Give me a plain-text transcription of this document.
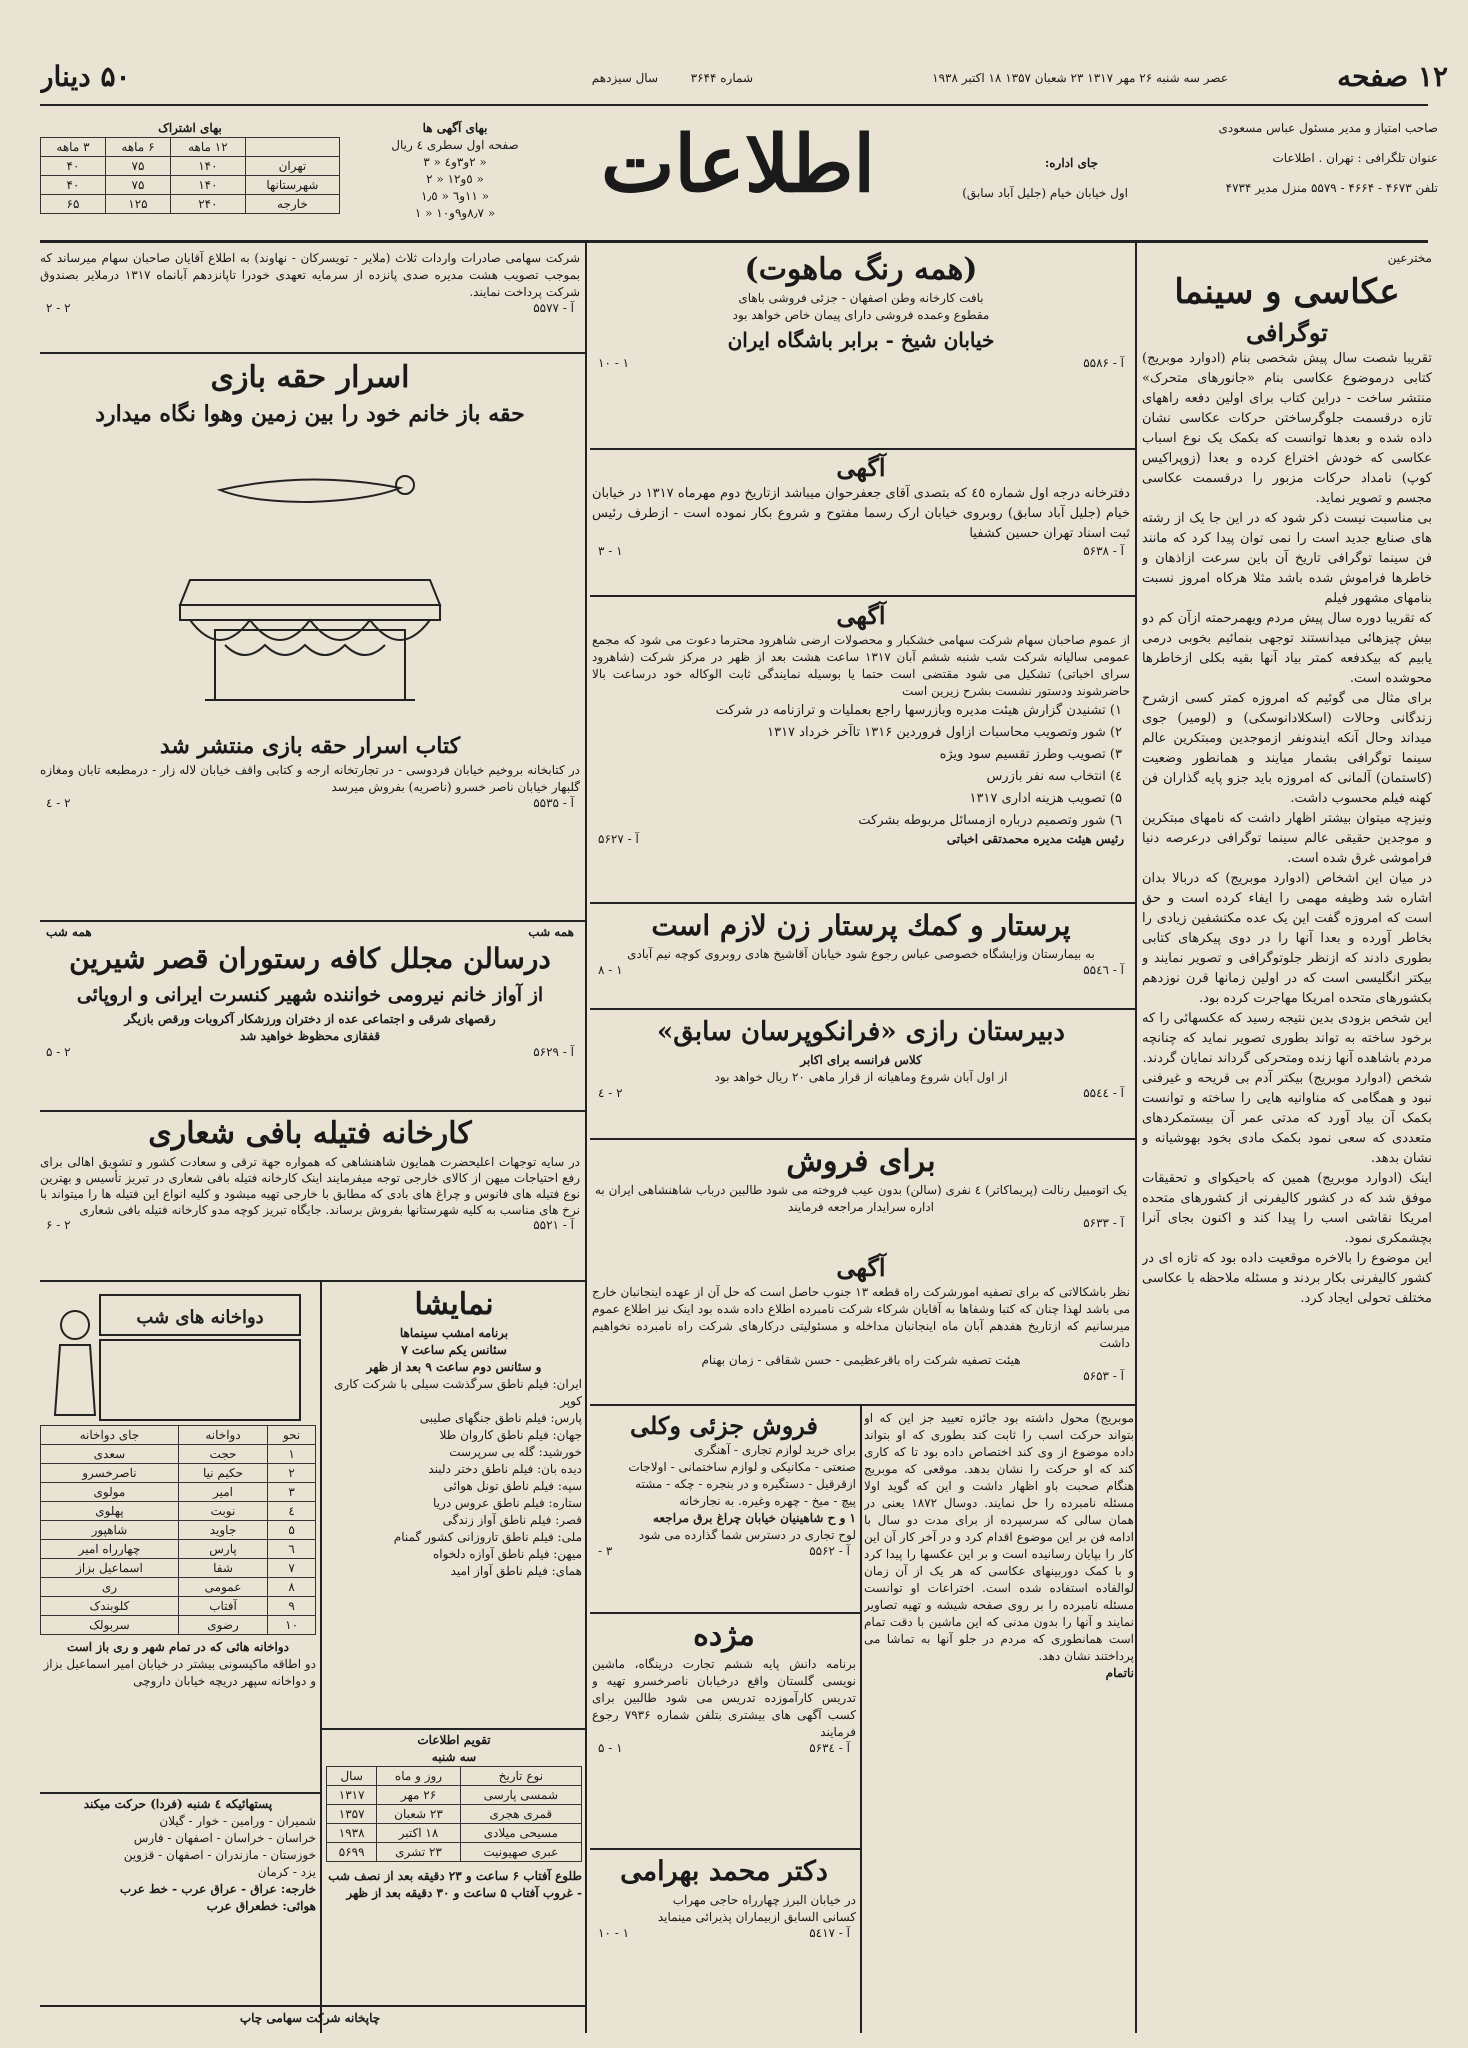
۱۲ صفحه
سال سیزدهم	شماره ۳۶۴۴	عصر سه شنبه ۲۶ مهر ۱۳۱۷ ۲۳ شعبان ۱۳۵۷ ۱۸ اکتبر ۱۹۳۸
۵۰ دینار
صاحب امتیاز و مدیر مسئول عباس مسعودی
عنوان تلگرافی : تهران . اطلاعات
تلفن ۴۶۷۳ - ۴۶۶۴ - ۵۵۷۹ منزل مدیر ۴۷۳۴
اطلاعات	جای اداره:
اول خیابان خیام (جلیل آباد سابق)
بهای آگهی ها
صفحه اول سطری ٤ ریال
« ۲و۳و٤ « ۳
« ٥و١٢ « ٢
« ١١و٦ « ١٫٥
« ٨٫٧و٩و١٠ « ١
بهای اشتراک
	۱۲ ماهه	۶ ماهه	۳ ماهه
تهران	۱۴۰	۷۵	۴۰
شهرستانها	۱۴۰	۷۵	۴۰
خارجه	۲۴۰	۱۲۵	۶۵
مخترعین
عکاسی و سینما
توگرافی

تقریبا شصت سال پیش شخصی بنام (ادوارد موبریج) کتابی درموضوع عکاسی بنام «جانورهای متحرک» منتشر ساخت - دراین کتاب برای اولین دفعه راههای تازه درقسمت جلوگرساختن حرکات عکاسی نشان داده شده و بعدها توانست که بکمک یک نوع اسباب عکاسی که خودش اختراع کرده و بعدا (زوپراکیس کوپ) نامداد حرکات مزبور را درقسمت عکاسی مجسم و تصویر نماید.

بی مناسبت نیست ذکر شود که در این جا یک از رشته های صنایع جدید است را نمی توان پیدا کرد که مانند فن سینما توگرافی تاریخ آن باین سرعت ازاذهان و خاطرها فراموش شده باشد مثلا هرکاه امروز نسبت بنامهای مشهور فیلم

که تقریبا دوره سال پیش مردم ویهمرحمته ازآن کم دو بیش چیزهائی میدانستند توجهی بنمائیم بخوبی درمی یابیم که بیکدفعه کمتر بیاد آنها بقیه بکلی ازخاطرها محوشده است.

برای مثال می گوئیم که امروزه کمتر کسی ازشرح زندگانی وحالات (اسکلادانوسکی) و (لومیر) جوی میداند وحال آنکه ایندونفر ازموجدین ومبتکرین عالم سینما توگرافی بشمار میایند و همانطور وضعیت (کاستمان) آلمانی که امروزه باید جزو پایه گذاران فن کهنه فیلم محسوب داشت.

ونیزچه میتوان بیشتر اظهار داشت که نامهای مبتکرین و موجدین حقیقی عالم سینما توگرافی درعرصه دنیا فراموشی غرق شده است.

در میان این اشخاص (ادوارد موبریج) که دربالا بدان اشاره شد وظیفه مهمی را ایفاء کرده است و حق است که امروزه گفت این یک عده مکتشفین زیادی را بخاطر آورده و بعدا آنها را در دوی پیکرهای کتابی بطوری دادند که ازنظر جلوتوگرافی و تصویر نمایند و بیکتر انگلیسی است که در اولین زمانها قرن نوزدهم بکشورهای متحده امریکا مهاجرت کرده بود.

این شخص بزودی بدین نتیجه رسید که عکسهائی را که برخود ساخته به تواند بطوری تصویر نماید که چنانچه مردم باشاهده آنها زنده ومتحرکی گرداند نمایان گردند.

شخص (ادوارد موبریج) بیکتر آدم بی قریحه و غیرفنی نبود و همگامی که مناوانیه هایی را ساخته و توانست بکمک آن بیاد آورد که مدتی عمر آن بیستمکردهای متعددی که سعی نمود بکمک مادی بخود بهوشیانه و نشان بدهد.

اینک (ادوارد موبریج) همین که باحیکوای و تحقیقات موفق شد که در کشور کالیفرنی از کشورهای متحده امریکا نقاشی اسب را پیدا کند و اکنون بجای آنرا بچشمکری نمود.

این موضوع را بالاخره موقعیت داده بود که تازه ای در کشور کالیفرنی بکار بردند و مسئله ملاحظه با عکاسی مختلف تحولی ایجاد کرد.

(همه رنگ ماهوت)
بافت کارخانه وطن اصفهان - جزئی فروشی باهای
مقطوع وعمده فروشی دارای پیمان خاص خواهد بود
خیابان شیخ - برابر باشگاه ایران
آ - ۵۵۸۶
۱ - ۱۰
آگهی

دفترخانه درجه اول شماره ٤٥ که بتصدی آقای جعفرحوان میباشد ازتاریخ دوم مهرماه ۱۳۱۷ در خیابان خیام (جلیل آباد سابق) روبروی خیابان ارک رسما مفتوح و شروع بکار نموده است - ازطرف رئیس ثبت اسناد تهران حسین کشفیا

آ - ۵۶۳۸
۱ - ۳
آگهی

از عموم صاحبان سهام شرکت سهامی خشکبار و محصولات ارضی شاهرود محترما دعوت می شود که مجمع عمومی سالیانه شرکت شب شنبه ششم آبان ۱۳۱۷ ساعت هشت بعد از ظهر در مرکز شرکت (شاهرود سرای اخباتی) تشکیل می شود مقتضی است حتما یا بوسیله نمایندگی ثابت الوکاله خود درساعت بالا حاضرشوند ودستور نشست بشرح زیرین است

۱) تشنیدن گزارش هیئت مدیره وبازرسها راجع بعملیات و ترازنامه در شرکت
۲) شور وتصویب محاسبات ازاول فروردین ۱۳۱۶ تاآخر خرداد ۱۳۱۷
۳) تصویب وطرز تقسیم سود ویژه
٤) انتخاب سه نفر بازرس
۵) تصویب هزینه اداری ۱۳۱۷
٦) شور وتصمیم درباره ازمسائل مربوطه بشرکت
رئیس هیئت مدیره محمدتقی اخباتی
آ - ۵۶۲۷
پرستار و کمك پرستار زن لازم است
به بیمارستان وزایشگاه خصوصی عباس رجوع شود خیابان آقاشیخ هادی روبروی کوچه نیم آبادی
آ - ۵۵٤٦
۱ - ۸
دبیرستان رازی «فرانکوپرسان سابق»
کلاس فرانسه برای اکابر
از اول آبان شروع وماهیانه از قرار ماهی ۲۰ ریال خواهد بود
آ - ۵۵٤٤
۲ - ٤
برای فروش
یک اتومبیل رنالت (پریماکاتر) ٤ نفری (سالن) بدون عیب فروخته می شود طالبین درباب شاهنشاهی ایران به اداره سرایدار مراجعه فرمایند
آ - ۵۶۳۳
آگهی

نظر باشکالاتی که برای تصفیه امورشرکت راه قطعه ۱۳ جنوب حاصل است که حل آن از عهده اینجانبان خارج می باشد لهذا چنان که کتبا وشفاها به آقایان شرکاء شرکت نامبرده اطلاع داده شده بود اینک نیز اطلاع عموم میرسانیم که ازتاریخ هفدهم آبان ماه اینجانبان مداخله و مسئولیتی درکارهای شرکت راه نامبرده نخواهیم داشت

هیئت تصفیه شرکت راه باقرعظیمی - حسن شقاقی - زمان بهنام
آ - ۵۶۵۳

موبریج) محول داشته بود جائزه تعیید جز این که او بتواند حرکت اسب را ثابت کند بطوری که او بتواند داده موضوع از وی کند اختصاص داده بود تا که کاری کند که او حرکت را نشان بدهد. موقعی که موبریج هنگام صحبت باو اظهار داشت و این که گوید اولا مسئله نامبرده را حل نمایند. دوسال ۱۸۷۲ یعنی در همان سالی که سرسپرده از برای مدت دو سال با ادامه فن بر این موضوع اقدام کرد و در آخر کار آن این کار را بپایان رسانیده است و بر این عکسها را پیدا کرد و با کمک دوربینهای عکاسی که هر یک از آن زمان لوالفاده استفاده شده است. اختراعات او توانست مسئله نامبرده را بر روی صفحه شیشه و تهیه تصاویر نمایند و آنها را بدون مدنی که این ماشین با دقت تمام است همانطوری که مردم در جلو آنها به تماشا می پرداختند نشان دهد.

ناتمام
فروش جزئی وکلی
برای خرید لوازم تجاری - آهنگری
صنعتی - مکانیکی و لوازم ساختمانی - اولاجات
ازقرقیل - دستگیره و در بنجره - چکه - مشته
پیچ - میخ - چهره وغیره. به نجارخانه
۱ و ح شاهینیان خیابان چراغ برق مراجعه
لوح تجاری در دسترس شما گذارده می شود
آ - ۵۵۶۲
۳ -
مژده

برنامه دانش پایه ششم تجارت درینگاه، ماشین نویسی گلستان واقع درخیابان ناصرخسرو تهیه و تدریس کارآموزده تدریس می شود طالبین برای کسب آگهی های بیشتری بتلفن شماره ۷۹۳۶ رجوع فرمایند

آ - ۵۶۳٤
۱ - ۵
دکتر محمد بهرامی
در خیابان البرز چهارراه حاجی مهراب
کسانی السابق ازبیماران پذیرائی مینماید
آ - ۵٤۱۷
۱ - ۱۰

شرکت سهامی صادرات واردات ثلاث (ملایر - تویسرکان - نهاوند) به اطلاع آقایان صاحبان سهام میرساند که بموجب تصویب هشت مدیره صدی پانزده از سرمایه تعهدی خودرا تاپانزدهم آبانماه ۱۳۱۷ درملایر بصندوق شرکت پرداخت نمایند.

آ - ۵۵۷۷
۲ - ۲
اسرار حقه بازی
حقه باز خانم خود را بین زمین وهوا نگاه میدارد
کتاب اسرار حقه بازی منتشر شد

در کتابخانه بروخیم خیابان فردوسی - در تجارتخانه ارجه و کتابی واقف خیابان لاله زار - درمطبعه تابان ومغازه گلبهار خیابان ناصر خسرو (ناصریه) بفروش میرسد

آ - ۵۵۳۵
۲ - ٤
همه شب
همه شب
درسالن مجلل کافه رستوران قصر شیرین
از آواز خانم نیرومی خواننده شهیر کنسرت ایرانی و اروپائی
رقصهای شرقی و اجتماعی عده از دختران ورزشکار آکروبات ورقص بازیگر
قفقازی محظوظ خواهید شد
آ - ۵۶۲۹
۲ - ۵
کارخانه فتیله بافی شعاری

در سایه توجهات اعلیحضرت همایون شاهنشاهی که همواره جهة ترقی و سعادت کشور و تشویق اهالی برای رفع احتیاجات میهن از کالای خارجی توجه میفرمایند اینک کارخانه فتیله بافی شعاری در تبریز تأسیس و بهترین نوع فتیله های فانوس و چراغ های بادی که مطابق با خارجی تهیه میشود و کلیه انواع این فتیله ها را میتواند با نرخ های مناسب به کلیه شهرستانها بفروش برساند. جایگاه تبریز کوچه مدو کارخانه فتیله بافی شعاری

آ - ۵۵۲۱
۲ - ۶
نمایشا
برنامه امشب سینماها
سئانس یکم ساعت ۷
و سئانس دوم ساعت ۹ بعد از ظهر
ایران: فیلم ناطق سرگذشت سیلی با شرکت کاری کوپر
پارس: فیلم ناطق جنگهای صلیبی
جهان: فیلم ناطق کاروان طلا
خورشید: گله بی سرپرست
دیده بان: فیلم ناطق دختر دلبند
سپه: فیلم ناطق تونل هوائی
ستاره: فیلم ناطق عروس دریا
قصر: فیلم ناطق آواز زندگی
ملی: فیلم ناطق تاروزانی کشور گمنام
میهن: فیلم ناطق آوازه دلخواه
همای: فیلم ناطق آواز امید
تقویم اطلاعات
سه شنبه
نوع تاریخ	روز و ماه	سال
شمسی پارسی	۲۶ مهر	۱۳۱۷
قمری هجری	۲۳ شعبان	۱۳۵۷
مسیحی میلادی	۱۸ اکتبر	۱۹۳۸
عبری صهیونیت	۲۳ تشری	۵۶۹۹
طلوع آفتاب ۶ ساعت و ۲۳ دقیقه بعد از نصف شب - غروب آفتاب ۵ ساعت و ۳۰ دقیقه بعد از ظهر
دواخانه های شب
نحو	دواخانه	جای دواخانه
۱	حجت	سعدی
۲	حکیم نیا	ناصرخسرو
۳	امیر	مولوی
٤	نوبت	پهلوی
۵	جاوید	شاهپور
٦	پارس	چهارراه امیر
۷	شفا	اسماعیل بزاز
۸	عمومی	ری
۹	آفتاب	کلوبندک
۱۰	رضوی	سربولک
دواخانه هائی که در تمام شهر و ری باز است
دو اطاقه ماکیسونی بیشتر در خیابان امیر اسماعیل بزاز و دواخانه سپهر دریچه خیابان داروچی
پستهائیکه ٤ شنبه (فردا) حرکت میکند
شمیران - ورامین - خوار - گیلان
خراسان - خراسان - اصفهان - فارس
خوزستان - مازندران - اصفهان - قزوین
یزد - کرمان
خارجه: عراق - عراق عرب - خط عرب
هوائی: خطعراق عرب
چاپخانه شرکت سهامی چاپ
